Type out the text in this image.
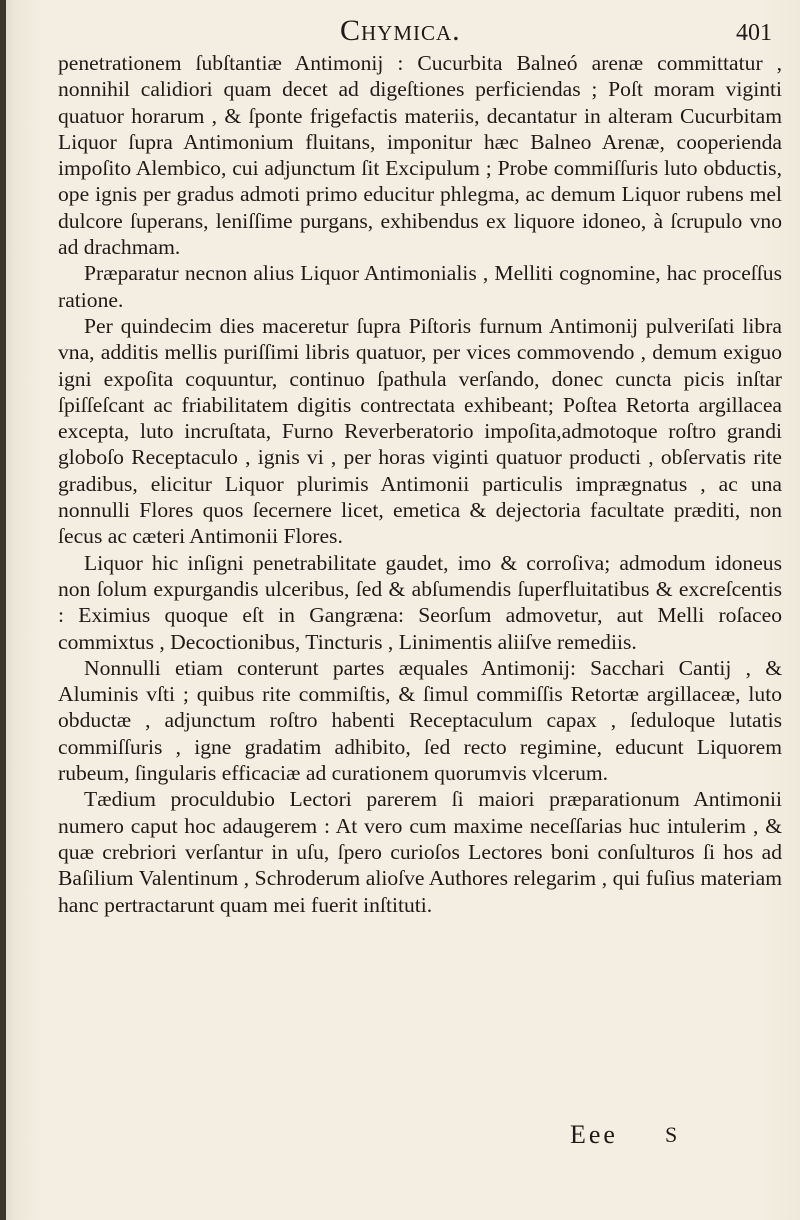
Chymica.	401

penetrationem ſubſtantiæ Antimonij : Cucurbita Balneó arenæ committatur , nonnihil calidiori quam decet ad digeſtiones perficiendas ; Poſt moram viginti quatuor horarum , & ſponte frigefactis materiis, decantatur in alteram Cucurbitam Liquor ſupra Antimonium fluitans, imponitur hæc Balneo Arenæ, cooperienda impoſito Alembico, cui adjunctum ſit Excipulum ; Probe commiſſuris luto obductis, ope ignis per gradus admoti primo educitur phlegma, ac demum Liquor rubens mel dulcore ſuperans, leniſſime purgans, exhibendus ex liquore idoneo, à ſcrupulo vno ad drachmam.

Præparatur necnon alius Liquor Antimonialis , Melliti cognomine, hac proceſſus ratione.

Per quindecim dies maceretur ſupra Piſtoris furnum Antimonij pulveriſati libra vna, additis mellis puriſſimi libris quatuor, per vices commovendo , demum exiguo igni expoſita coquuntur, continuo ſpathula verſando, donec cuncta picis inſtar ſpiſſeſcant ac friabilitatem digitis contrectata exhibeant; Poſtea Retorta argillacea excepta, luto incruſtata, Furno Reverberatorio impoſita,admotoque roſtro grandi globoſo Receptaculo , ignis vi , per horas viginti quatuor producti , obſervatis rite gradibus, elicitur Liquor plurimis Antimonii particulis imprægnatus , ac una nonnulli Flores quos ſecernere licet, emetica & dejectoria facultate præditi, non ſecus ac cæteri Antimonii Flores.

Liquor hic inſigni penetrabilitate gaudet, imo & corroſiva; admodum idoneus non ſolum expurgandis ulceribus, ſed & abſumendis ſuperfluitatibus & excreſcentis : Eximius quoque eſt in Gangræna: Seorſum admovetur, aut Melli roſaceo commixtus , Decoctionibus, Tincturis , Linimentis aliiſve remediis.

Nonnulli etiam conterunt partes æquales Antimonij: Sacchari Cantij , & Aluminis vſti ; quibus rite commiſtis, & ſimul commiſſis Retortæ argillaceæ, luto obductæ , adjunctum roſtro habenti Receptaculum capax , ſeduloque lutatis commiſſuris , igne gradatim adhibito, ſed recto regimine, educunt Liquorem rubeum, ſingularis efficaciæ ad curationem quorumvis vlcerum.

Tædium proculdubio Lectori parerem ſi maiori præparationum Antimonii numero caput hoc adaugerem : At vero cum maxime neceſſarias huc intulerim , & quæ crebriori verſantur in uſu, ſpero curioſos Lectores boni conſulturos ſi hos ad Baſilium Valentinum , Schroderum alioſve Authores relegarim , qui fuſius materiam hanc pertractarunt quam mei fuerit inſtituti.

Eee S
